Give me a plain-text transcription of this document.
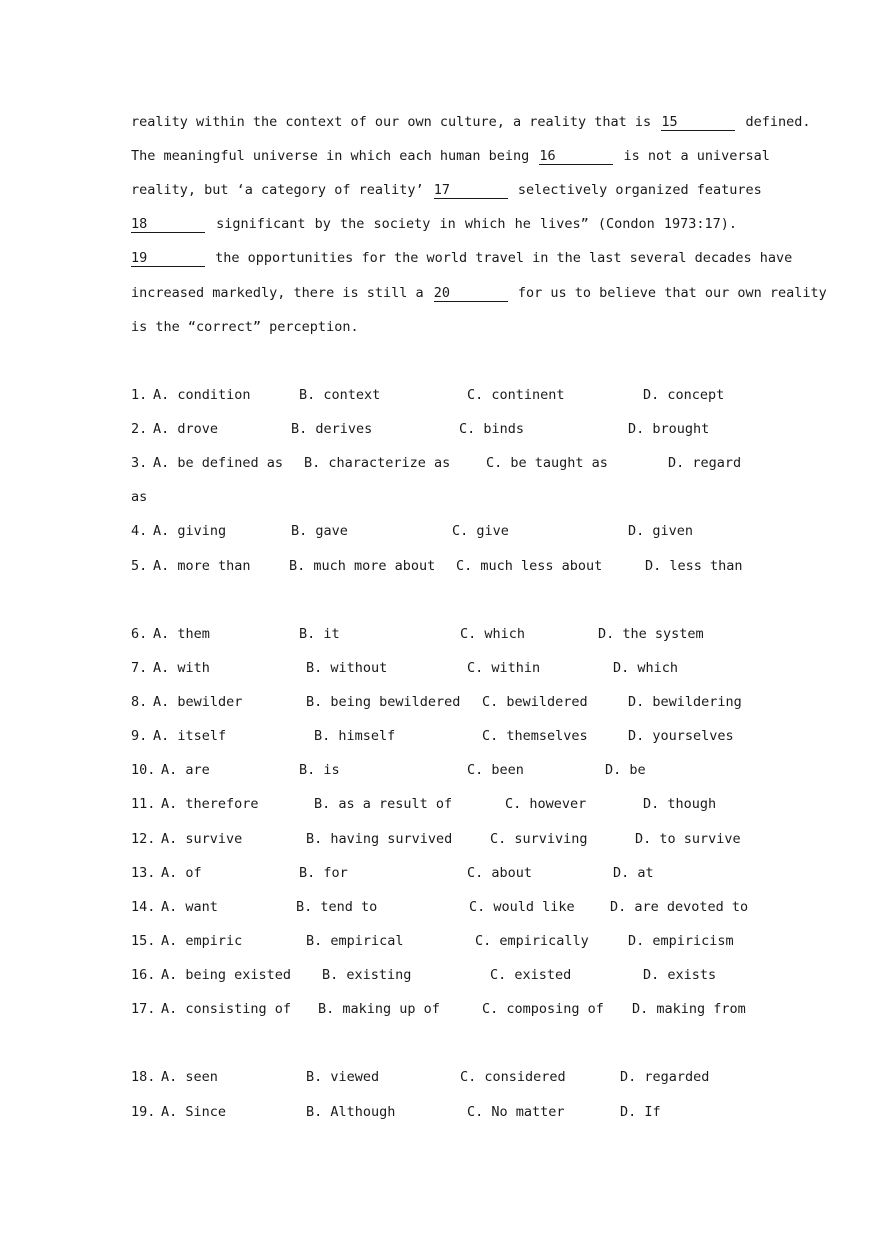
reality within the context of our own culture, a reality that is 15	defined.
The meaningful universe in which each human being 16	is not a universal
reality, but ‘a category of reality’ 17	selectively organized features
18	significant by the society in which he lives” (Condon 1973:17).
19	the opportunities for the world travel in the last several decades have
increased markedly, there is still a 20	for us to believe that our own reality
is the “correct” perception.

1.

A. condition

	B. context

	C. continent

	D. concept

2.

A. drove

	B. derives

	C. binds

	D. brought

3.

A. be defined as

B. characterize as

	C. be taught as

	D. regard

as

4.

A. giving

	B. gave

	C. give

	D. given

5.

A. more than

	B. much more about

C. much less about

	D. less than

6.

A. them

	B. it

	C. which

	D. the system

7.

A. with

	B. without

	C. within

	D. which

8.

A. bewilder

	B. being bewildered

C. bewildered

	D. bewildering

9.

A. itself

	B. himself

	C. themselves

	D. yourselves

10.

A. are

	B. is

	C. been

	D. be

11.

A. therefore

	B. as a result of

	C. however

	D. though

12.

A. survive

	B. having survived

	C. surviving

	D. to survive

13.

A. of

	B. for

	C. about

	D. at

14.

A. want

	B. tend to

	C. would like

	D. are devoted to

15.

A. empiric

	B. empirical

	C. empirically

	D. empiricism

16.

A. being existed

B. existing

	C. existed

	D. exists

17.

A. consisting of

B. making up of

	C. composing of

D. making from

18.

A. seen

	B. viewed

	C. considered

	D. regarded

19.

A. Since

	B. Although

	C. No matter

	D. If
